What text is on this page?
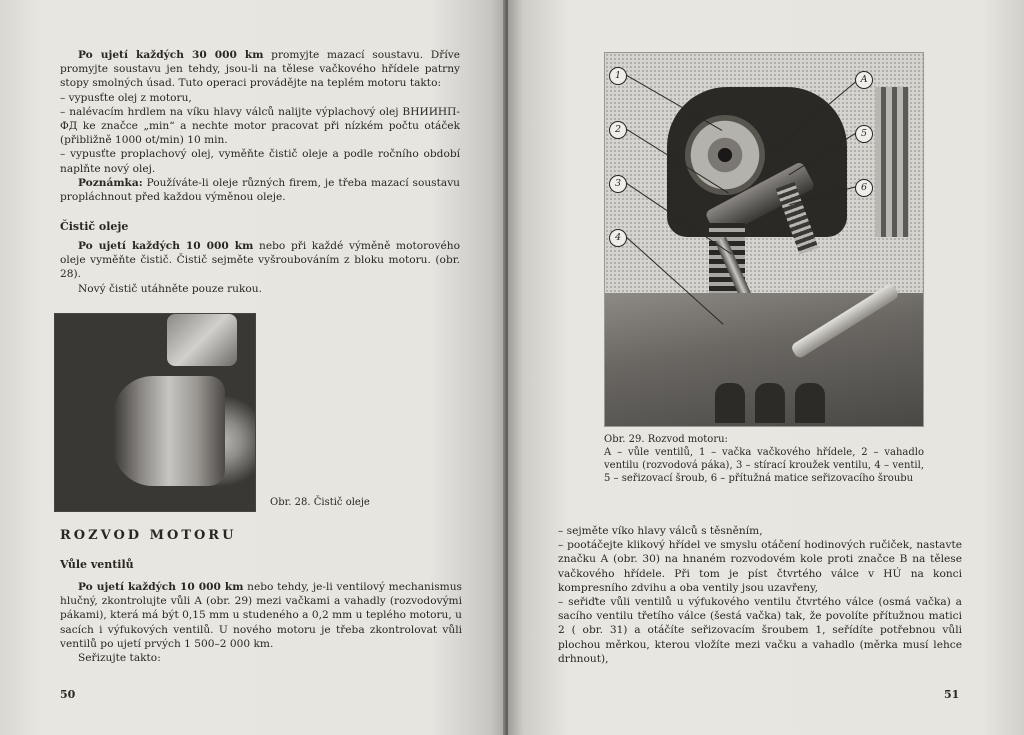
Po ujetí každých 30 000 km promyjte mazací soustavu. Dříve promyjte soustavu jen tehdy, jsou-li na tělese vačkového hřídele patrny stopy smolných úsad. Tuto operaci provádějte na teplém motoru takto:

– vypusťte olej z motoru,

– nalévacím hrdlem na víku hlavy válců nalijte výplachový olej ВНИИНП-ФД ke značce „min“ a nechte motor pracovat při nízkém počtu otáček (přibližně 1000 ot/min) 10 min.

– vypusťte proplachový olej, vyměňte čistič oleje a podle ročního období naplňte nový olej.

Poznámka: Používáte-li oleje různých firem, je třeba mazací soustavu propláchnout před každou výměnou oleje.

Čistič oleje

Po ujetí každých 10 000 km nebo při každé výměně motorového oleje vyměňte čistič. Čistič sejměte vyšroubováním z bloku motoru. (obr. 28).

Nový čistič utáhněte pouze rukou.

Obr. 28. Čistič oleje
ROZVOD MOTORU
Vůle ventilů

Po ujetí každých 10 000 km nebo tehdy, je-li ventilový mechanismus hlučný, zkontrolujte vůli A (obr. 29) mezi vačkami a vahadly (rozvodovými pákami), která má být 0,15 mm u studeného a 0,2 mm u teplého motoru, u sacích i výfukových ventilů. U nového motoru je třeba zkontrolovat vůli ventilů po ujetí prvých 1 500–2 000 km.

Seřizujte takto:

50
1
2
3
4
A
5
6
Obr. 29. Rozvod motoru:
A – vůle ventilů, 1 – vačka vačkového hřídele, 2 – vahadlo ventilu (rozvodová páka), 3 – stírací kroužek ventilu, 4 – ventil, 5 – seřizovací šroub, 6 – přítužná matice seřizovacího šroubu

– sejměte víko hlavy válců s těsněním,

– pootáčejte klikový hřídel ve smyslu otáčení hodinových ručiček, nastavte značku A (obr. 30) na hnaném rozvodovém kole proti značce B na tělese vačkového hřídele. Při tom je píst čtvrtého válce v HÚ na konci kompresního zdvihu a oba ventily jsou uzavřeny,

– seřiďte vůli ventilů u výfukového ventilu čtvrtého válce (osmá vačka) a sacího ventilu třetího válce (šestá vačka) tak, že povolíte přítužnou matici 2 ( obr. 31) a otáčíte seřizovacím šroubem 1, seřídíte potřebnou vůli plochou měrkou, kterou vložíte mezi vačku a vahadlo (měrka musí lehce drhnout),

51
